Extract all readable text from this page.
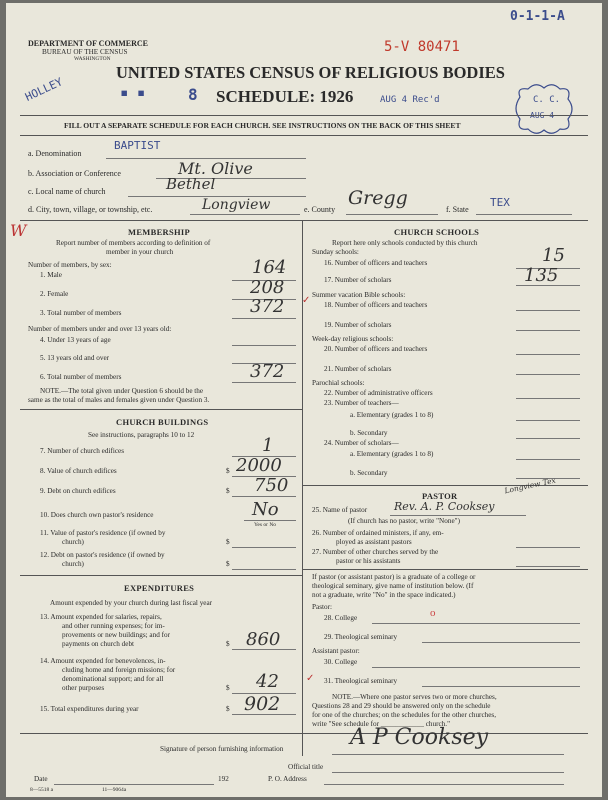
DEPARTMENT OF COMMERCE
BUREAU OF THE CENSUS
WASHINGTON
0-1-1-A
5-V 80471
HOLLEY
UNITED STATES CENSUS OF RELIGIOUS BODIES
▪ ▪	8 SCHEDULE: 1926	AUG 4 Rec'd	C. C.
FILL OUT A SEPARATE SCHEDULE FOR EACH CHURCH. SEE INSTRUCTIONS ON THE BACK OF THIS SHEET
a. Denomination
BAPTIST
b. Association or Conference	Mt. Olive
c. Local name of church	Bethel
d. City, town, village, or township, etc.	Longview	e. County
Gregg
f. State
TEX
W	MEMBERSHIP
Report number of members according to definition of
member in your church
Number of members, by sex:
1. Male	164
2. Female	208
3. Total number of members	372
Number of members under and over 13 years old:
4. Under 13 years of age
5. 13 years old and over
6. Total number of members	372
NOTE.—The total given under Question 6 should be the
same as the total of males and females given under Question 3.
CHURCH BUILDINGS
See instructions, paragraphs 10 to 12
7. Number of church edifices	1
8. Value of church edifices	$ 2000
9. Debt on church edifices	$ 750
10. Does church own pastor's residence	No
Yes or No
11. Value of pastor's residence (if owned by
church)	$
12. Debt on pastor's residence (if owned by
church)	$
EXPENDITURES
Amount expended by your church during last fiscal year
13. Amount expended for salaries, repairs,
and other running expenses; for im-
provements or new buildings; and for
payments on church debt	$ 860
14. Amount expended for benevolences, in-
cluding home and foreign missions; for
denominational support; and for all
other purposes	$ 42
15. Total expenditures during year	$ 902
CHURCH SCHOOLS
Report here only schools conducted by this church
Sunday schools:
16. Number of officers and teachers	15
17. Number of scholars	135
Summer vacation Bible schools:
✓ 18. Number of officers and teachers
19. Number of scholars
Week-day religious schools:
20. Number of officers and teachers
21. Number of scholars
Parochial schools:
22. Number of administrative officers
23. Number of teachers—
a. Elementary (grades 1 to 8)
b. Secondary
24. Number of scholars—
a. Elementary (grades 1 to 8)
b. Secondary
PASTOR
25. Name of pastor Rev. A. P. Cooksey
Longview Tex
(If church has no pastor, write "None")
26. Number of ordained ministers, if any, em-
ployed as assistant pastors
27. Number of other churches served by the
pastor or his assistants
If pastor (or assistant pastor) is a graduate of a college or
theological seminary, give name of institution below. (If
not a graduate, write "No" in the space indicated.)
Pastor:
28. College	o
29. Theological seminary
Assistant pastor:
30. College
✓ 31. Theological seminary
NOTE.—Where one pastor serves two or more churches,
Questions 28 and 29 should be answered only on the schedule
for one of the churches; on the schedules for the other churches,
write "See schedule for ____________ church."
Signature of person furnishing information	A P Cooksey
Official title
Date	192	P. O. Address
8—5518 a	11—9064a
